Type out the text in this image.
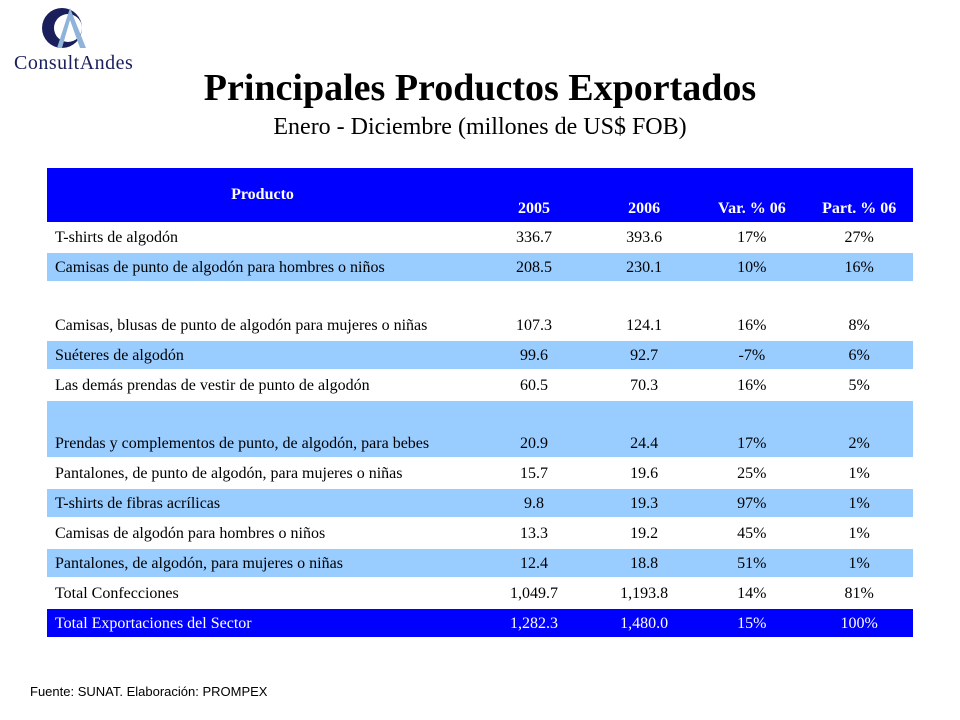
ConsultAndes
Principales Productos Exportados
Enero - Diciembre (millones de US$ FOB)
Producto	2005	2006	Var. % 06	Part. % 06
T-shirts de algodón	336.7	393.6	17%	27%
Camisas de punto de algodón para hombres o niños	208.5	230.1	10%	16%
Camisas, blusas de punto de algodón para mujeres o niñas	107.3	124.1	16%	8%
Suéteres de algodón	99.6	92.7	-7%	6%
Las demás prendas de vestir de punto de algodón	60.5	70.3	16%	5%
Prendas y complementos de punto, de algodón, para bebes	20.9	24.4	17%	2%
Pantalones, de punto de algodón, para mujeres o niñas	15.7	19.6	25%	1%
T-shirts de fibras acrílicas	9.8	19.3	97%	1%
Camisas de algodón para hombres o niños	13.3	19.2	45%	1%
Pantalones, de algodón, para mujeres o niñas	12.4	18.8	51%	1%
Total Confecciones	1,049.7	1,193.8	14%	81%
Total Exportaciones del Sector	1,282.3	1,480.0	15%	100%
Fuente: SUNAT. Elaboración: PROMPEX
